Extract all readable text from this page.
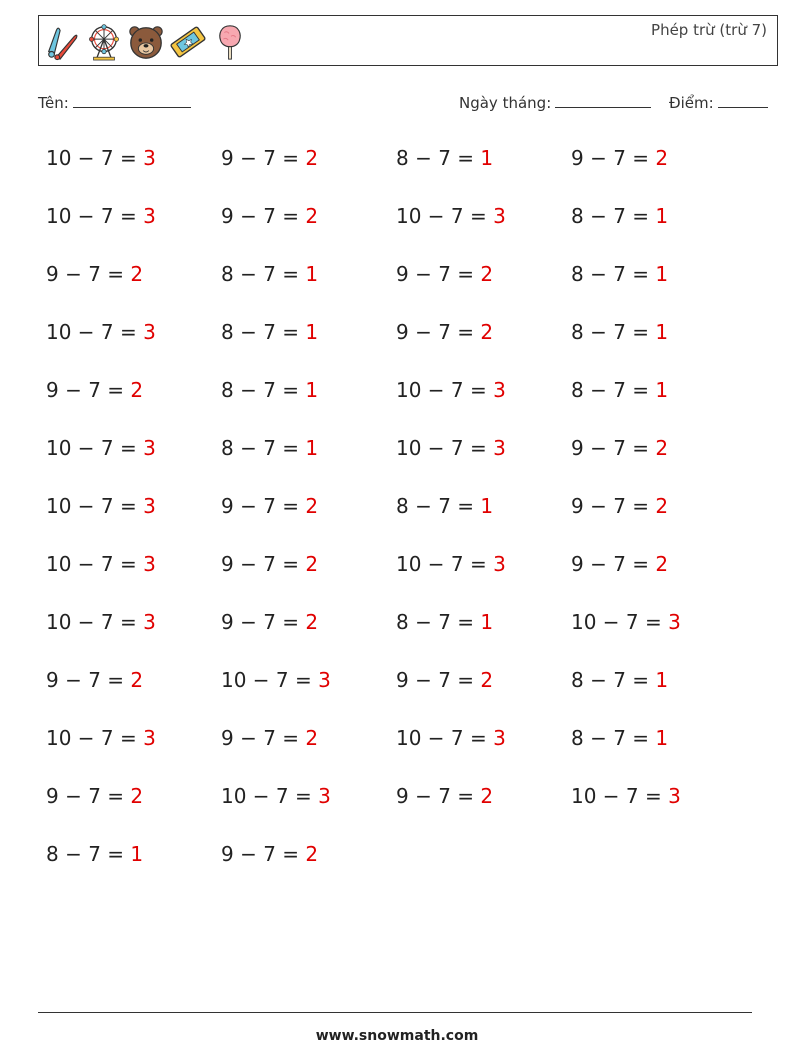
Phép trừ (trừ 7)
Tên:	Ngày tháng:	Điểm:
10 − 7 = 3	9 − 7 = 2	8 − 7 = 1	9 − 7 = 2
10 − 7 = 3	9 − 7 = 2	10 − 7 = 3	8 − 7 = 1
9 − 7 = 2	8 − 7 = 1	9 − 7 = 2	8 − 7 = 1
10 − 7 = 3	8 − 7 = 1	9 − 7 = 2	8 − 7 = 1
9 − 7 = 2	8 − 7 = 1	10 − 7 = 3	8 − 7 = 1
10 − 7 = 3	8 − 7 = 1	10 − 7 = 3	9 − 7 = 2
10 − 7 = 3	9 − 7 = 2	8 − 7 = 1	9 − 7 = 2
10 − 7 = 3	9 − 7 = 2	10 − 7 = 3	9 − 7 = 2
10 − 7 = 3	9 − 7 = 2	8 − 7 = 1	10 − 7 = 3
9 − 7 = 2	10 − 7 = 3	9 − 7 = 2	8 − 7 = 1
10 − 7 = 3	9 − 7 = 2	10 − 7 = 3	8 − 7 = 1
9 − 7 = 2	10 − 7 = 3	9 − 7 = 2	10 − 7 = 3
8 − 7 = 1	9 − 7 = 2
www.snowmath.com
